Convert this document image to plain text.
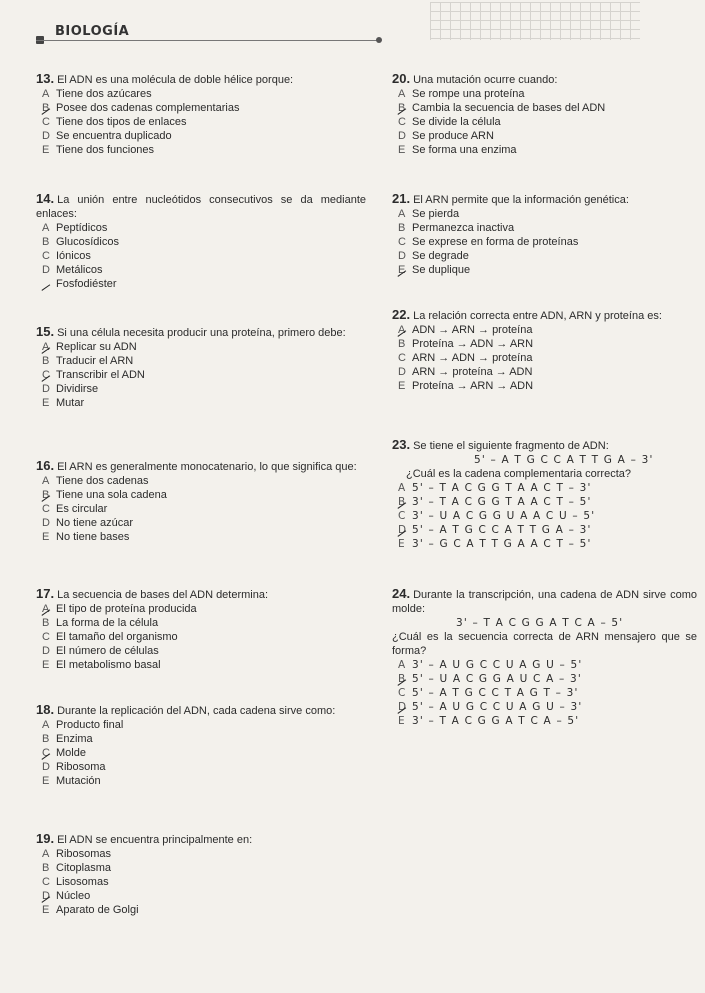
BIOLOGÍA
13. El ADN es una molécula de doble hélice porque:
A Tiene dos azúcares
B Posee dos cadenas complementarias
C Tiene dos tipos de enlaces
D Se encuentra duplicado
E Tiene dos funciones
14. La unión entre nucleótidos consecutivos se da mediante enlaces:
A Peptídicos
B Glucosídicos
C Iónicos
D Metálicos
Fosfodiéster
15. Si una célula necesita producir una proteína, primero debe:
A Replicar su ADN
B Traducir el ARN
C Transcribir el ADN
D Dividirse
E Mutar
16. El ARN es generalmente monocatenario, lo que significa que:
A Tiene dos cadenas
B Tiene una sola cadena
C Es circular
D No tiene azúcar
E No tiene bases
17. La secuencia de bases del ADN determina:
A El tipo de proteína producida
B La forma de la célula
C El tamaño del organismo
D El número de células
E El metabolismo basal
18. Durante la replicación del ADN, cada cadena sirve como:
A Producto final
B Enzima
C Molde
D Ribosoma
E Mutación
19. El ADN se encuentra principalmente en:
A Ribosomas
B Citoplasma
C Lisosomas
D Núcleo
E Aparato de Golgi
20. Una mutación ocurre cuando:
A Se rompe una proteína
B Cambia la secuencia de bases del ADN
C Se divide la célula
D Se produce ARN
E Se forma una enzima
21. El ARN permite que la información genética:
A Se pierda
B Permanezca inactiva
C Se exprese en forma de proteínas
D Se degrade
E Se duplique
22. La relación correcta entre ADN, ARN y proteína es:
A ADN → ARN → proteína
B Proteína → ADN → ARN
C ARN → ADN → proteína
D ARN → proteína → ADN
E Proteína → ARN → ADN
23. Se tiene el siguiente fragmento de ADN:
5' – A T G C C A T T G A – 3'
¿Cuál es la cadena complementaria correcta?
A 5' – T A C G G T A A C T – 3'
B 3' – T A C G G T A A C T – 5'
C 3' – U A C G G U A A C U – 5'
D 5' – A T G C C A T T G A – 3'
E 3' – G C A T T G A A C T – 5'
24. Durante la transcripción, una cadena de ADN sirve como molde:
3' – T A C G G A T C A – 5'
¿Cuál es la secuencia correcta de ARN mensajero que se forma?
A 3' – A U G C C U A G U – 5'
B 5' – U A C G G A U C A – 3'
C 5' – A T G C C T A G T – 3'
D 5' – A U G C C U A G U – 3'
E 3' – T A C G G A T C A – 5'
